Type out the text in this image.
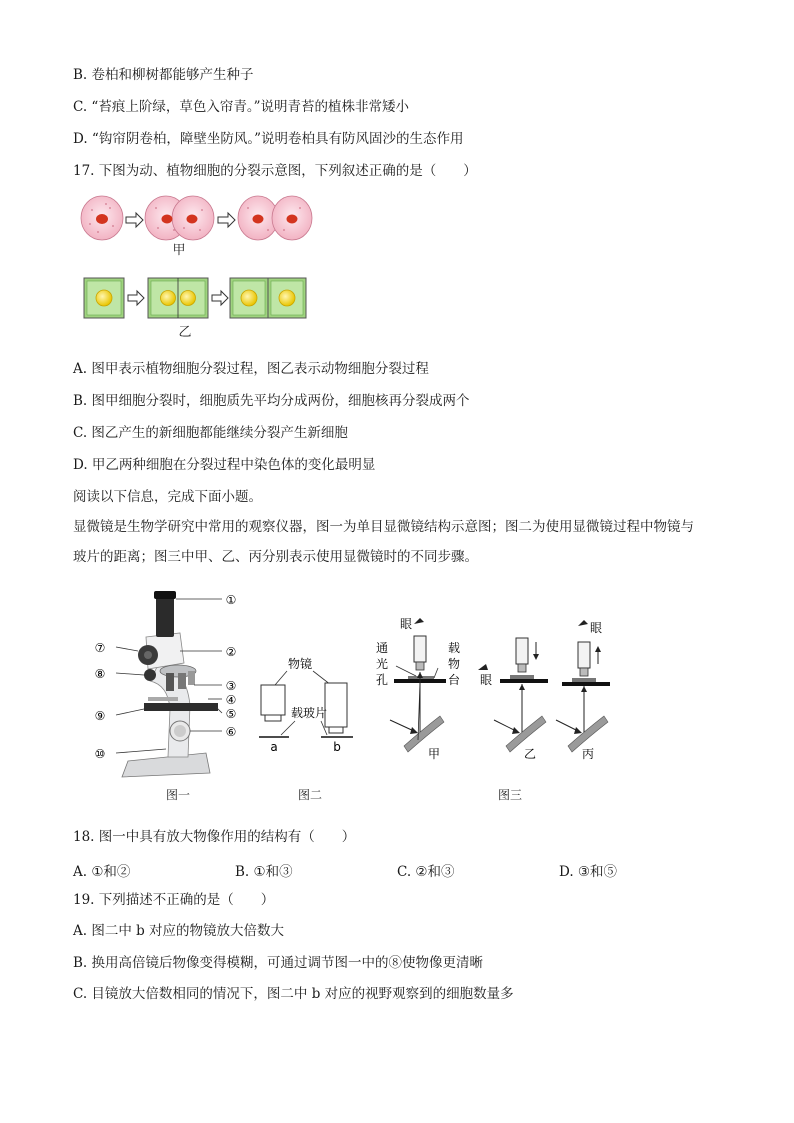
B. 卷柏和柳树都能够产生种子
C. “苔痕上阶绿，草色入帘青。”说明青苔的植株非常矮小
D. “钩帘阴卷柏，障壁坐防风。”说明卷柏具有防风固沙的生态作用
17. 下图为动、植物细胞的分裂示意图，下列叙述正确的是（　　）
甲
乙
A. 图甲表示植物细胞分裂过程，图乙表示动物细胞分裂过程
B. 图甲细胞分裂时，细胞质先平均分成两份，细胞核再分裂成两个
C. 图乙产生的新细胞都能继续分裂产生新细胞
D. 甲乙两种细胞在分裂过程中染色体的变化最明显
阅读以下信息，完成下面小题。
显微镜是生物学研究中常用的观察仪器，图一为单目显微镜结构示意图；图二为使用显微镜过程中物镜与
玻片的距离；图三中甲、乙、丙分别表示使用显微镜时的不同步骤。
①
②
③
④
⑤
⑥
⑦
⑧
⑨
⑩
图一
物镜
载玻片
a	b
图二
眼
通
光
孔
载
物
台
甲
眼
乙
眼
丙
图三
18. 图一中具有放大物像作用的结构有（　　）
A. ①和②	B. ①和③	C. ②和③	D. ③和⑤
19. 下列描述不正确的是（　　）
A. 图二中 b 对应的物镜放大倍数大
B. 换用高倍镜后物像变得模糊，可通过调节图一中的⑧使物像更清晰
C. 目镜放大倍数相同的情况下，图二中 b 对应的视野观察到的细胞数量多
